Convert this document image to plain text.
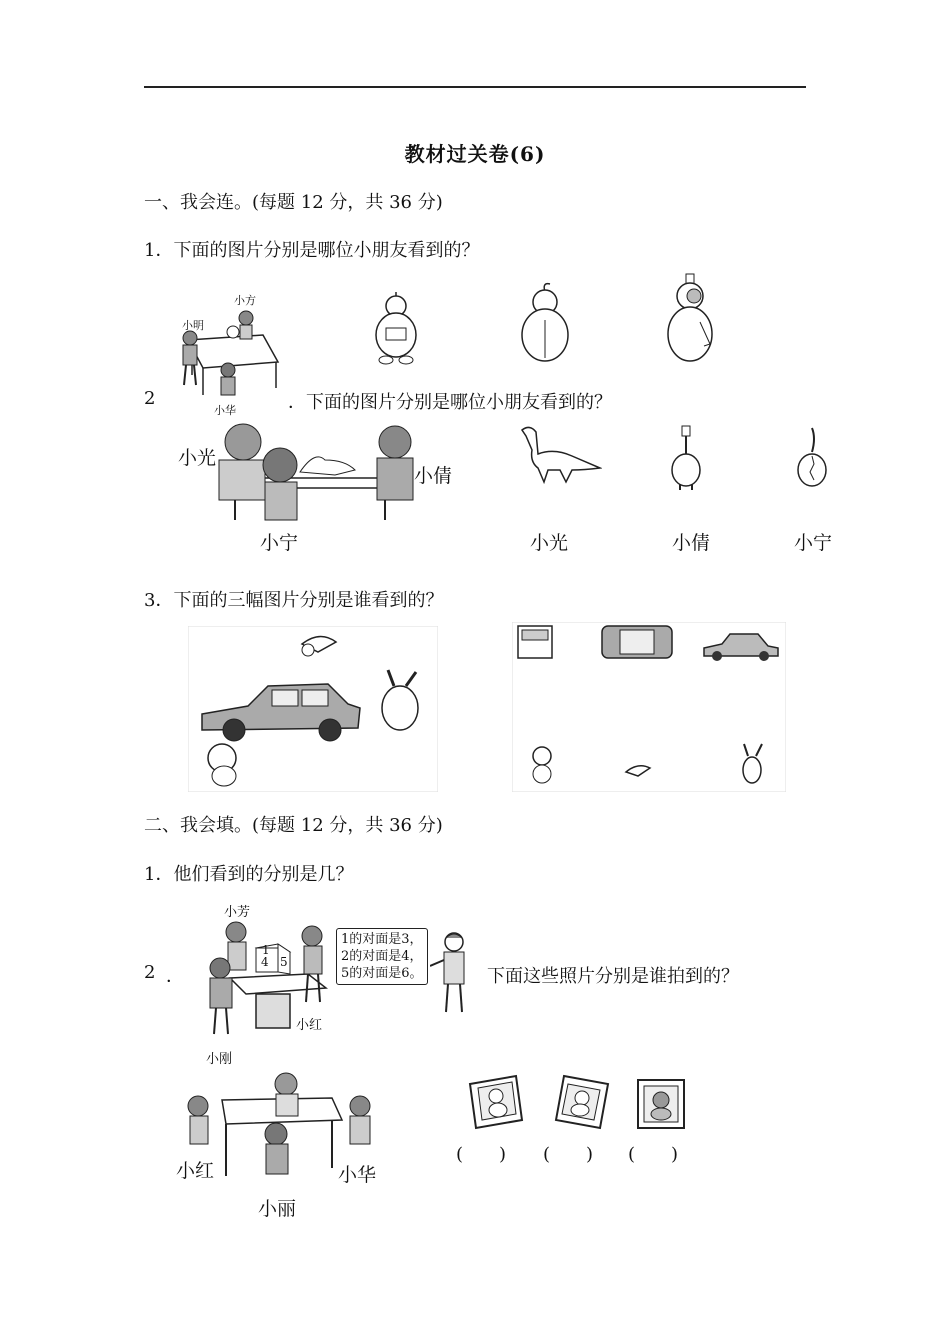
教材过关卷(6)
一、我会连。(每题 12 分，共 36 分)
1．下面的图片分别是哪位小朋友看到的？
小方
小明
小华
2	．下面的图片分别是哪位小朋友看到的？
小光
小倩
小宁	小光	小倩	小宁
3．下面的三幅图片分别是谁看到的？
二、我会填。(每题 12 分，共 36 分)
1．他们看到的分别是几？
1
4 5
小芳
小红
小刚
1的对面是3，
2的对面是4，
5的对面是6。
2 ．	下面这些照片分别是谁拍到的？
小红	小华
小丽
(　　) (　　) (　　)
